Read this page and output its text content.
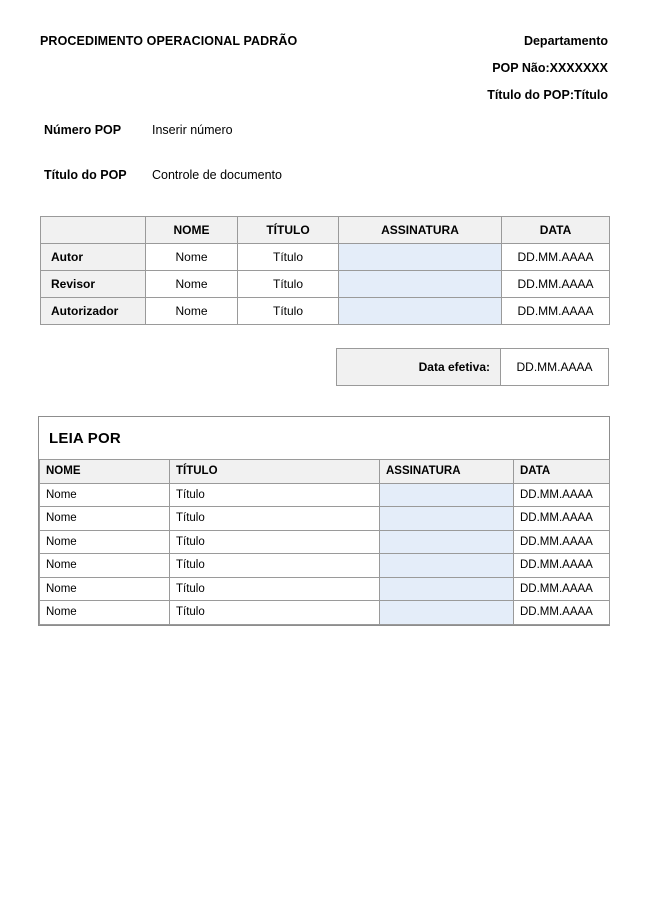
PROCEDIMENTO OPERACIONAL PADRÃO	Departamento
POP Não:XXXXXXX
Título do POP:Título
Número POP	Inserir número
Título do POP	Controle de documento
	NOME	TÍTULO	ASSINATURA	DATA
Autor	Nome	Título		DD.MM.AAAA
Revisor	Nome	Título		DD.MM.AAAA
Autorizador	Nome	Título		DD.MM.AAAA
Data efetiva:	DD.MM.AAAA
LEIA POR
NOME	TÍTULO	ASSINATURA	DATA
Nome	Título		DD.MM.AAAA
Nome	Título		DD.MM.AAAA
Nome	Título		DD.MM.AAAA
Nome	Título		DD.MM.AAAA
Nome	Título		DD.MM.AAAA
Nome	Título		DD.MM.AAAA
